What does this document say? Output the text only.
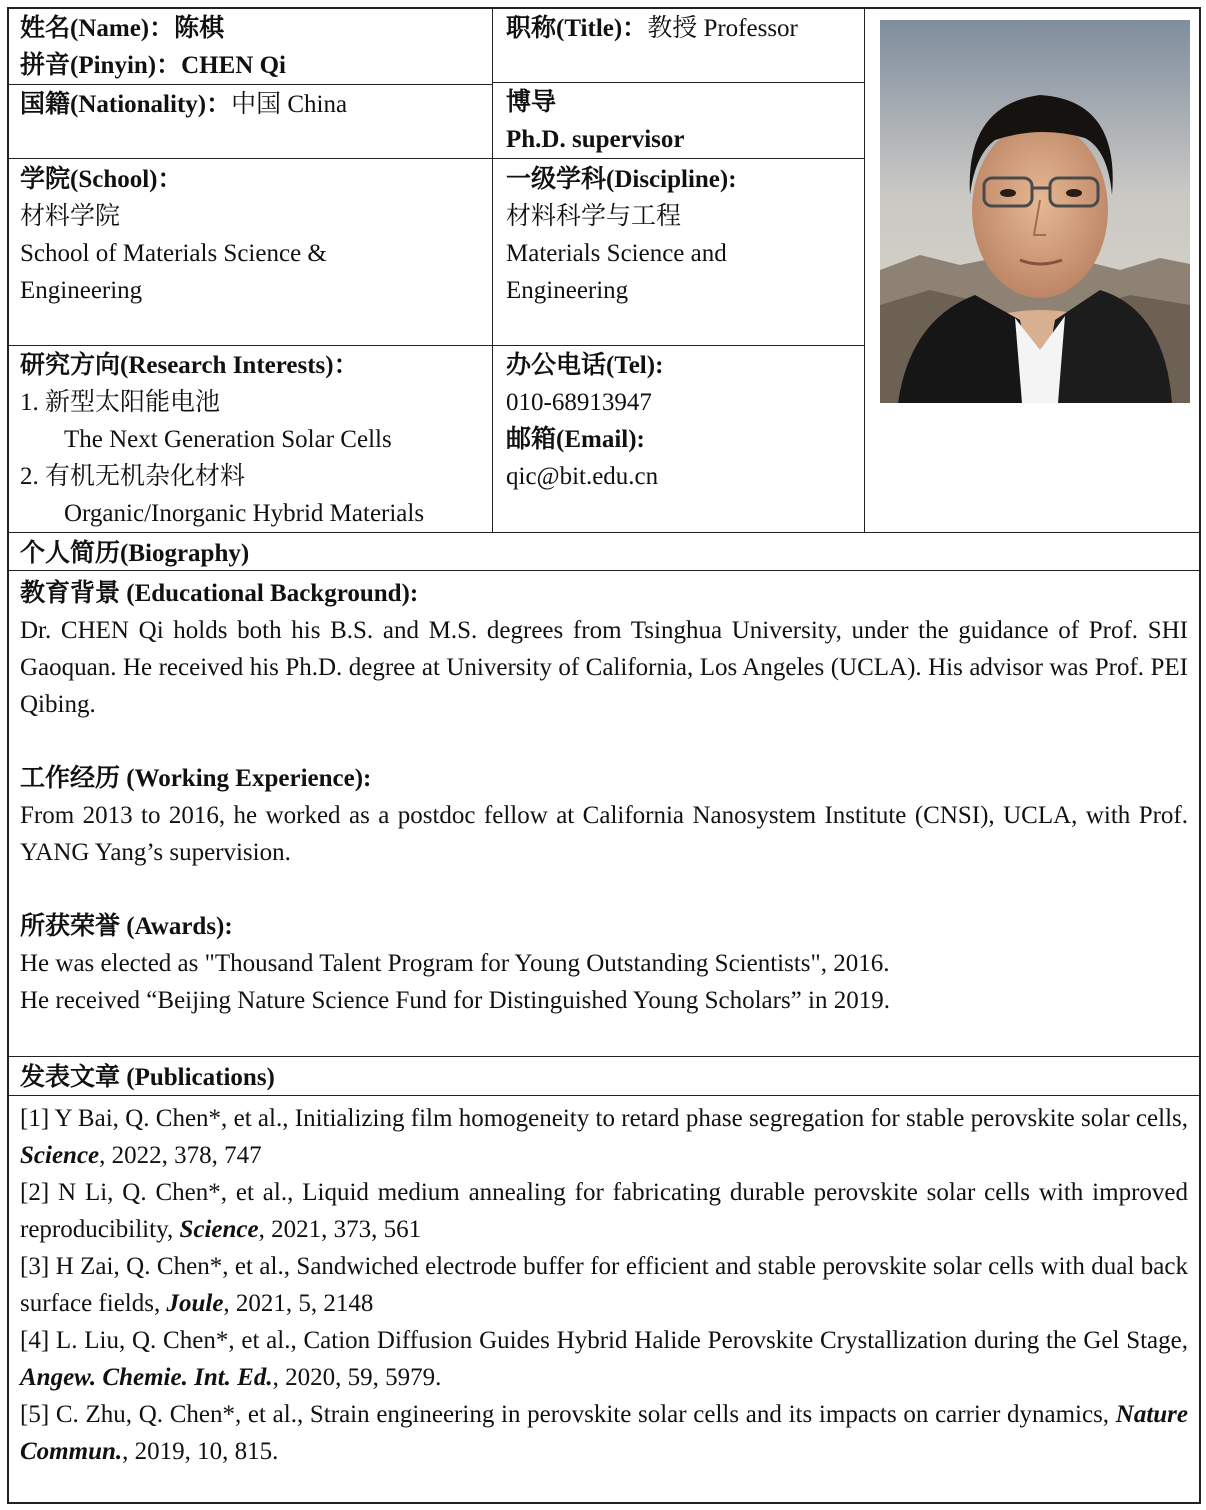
姓名(Name)：陈棋
拼音(Pinyin)：CHEN Qi
职称(Title)：教授 Professor
国籍(Nationality)：中国 China	博导
Ph.D. supervisor
学院(School)：
材料学院
School of Materials Science &
Engineering
一级学科(Discipline):
材料科学与工程
Materials Science and
Engineering
研究方向(Research Interests)：
1. 新型太阳能电池
The Next Generation Solar Cells
2. 有机无机杂化材料
Organic/Inorganic Hybrid Materials
办公电话(Tel):
010-68913947
邮箱(Email):
qic@bit.edu.cn
个人简历(Biography)
教育背景 (Educational Background):
Dr. CHEN Qi holds both his B.S. and M.S. degrees from Tsinghua University, under the guidance of Prof. SHI Gaoquan. He received his Ph.D. degree at University of California, Los Angeles (UCLA). His advisor was Prof. PEI Qibing.
工作经历 (Working Experience):
From 2013 to 2016, he worked as a postdoc fellow at California Nanosystem Institute (CNSI), UCLA, with Prof. YANG Yang’s supervision.
所获荣誉 (Awards):
He was elected as "Thousand Talent Program for Young Outstanding Scientists", 2016.
He received “Beijing Nature Science Fund for Distinguished Young Scholars” in 2019.
发表文章 (Publications)
[1] Y Bai, Q. Chen*, et al., Initializing film homogeneity to retard phase segregation for stable perovskite solar cells, Science, 2022, 378, 747
[2] N Li, Q. Chen*, et al., Liquid medium annealing for fabricating durable perovskite solar cells with improved reproducibility, Science, 2021, 373, 561
[3] H Zai, Q. Chen*, et al., Sandwiched electrode buffer for efficient and stable perovskite solar cells with dual back surface fields, Joule, 2021, 5, 2148
[4] L. Liu, Q. Chen*, et al., Cation Diffusion Guides Hybrid Halide Perovskite Crystallization during the Gel Stage, Angew. Chemie. Int. Ed., 2020, 59, 5979.
[5] C. Zhu, Q. Chen*, et al., Strain engineering in perovskite solar cells and its impacts on carrier dynamics, Nature Commun., 2019, 10, 815.
